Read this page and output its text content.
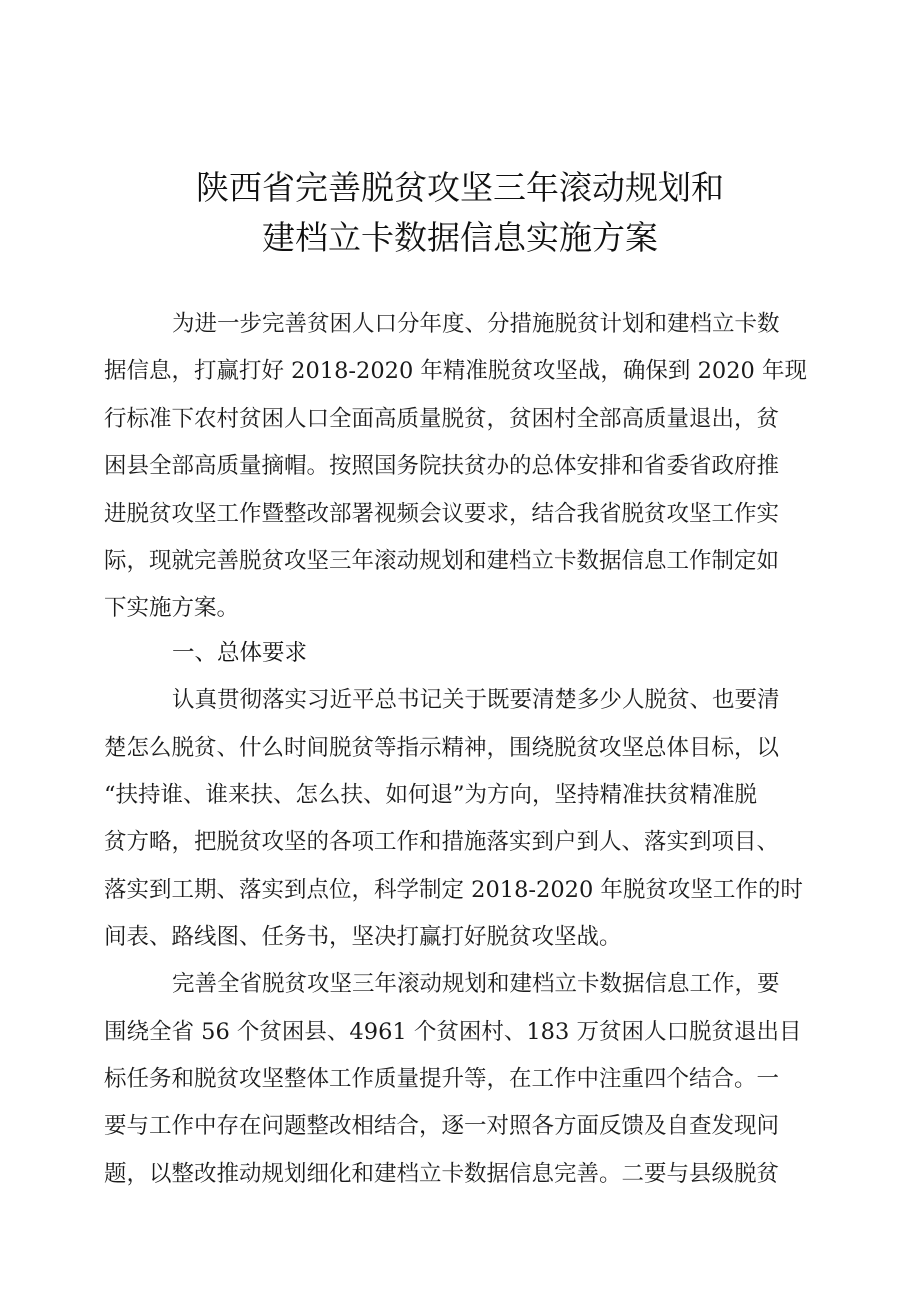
陕西省完善脱贫攻坚三年滚动规划和
建档立卡数据信息实施方案
为进一步完善贫困人口分年度、分措施脱贫计划和建档立卡数
据信息，打赢打好 2018-2020 年精准脱贫攻坚战，确保到 2020 年现
行标准下农村贫困人口全面高质量脱贫，贫困村全部高质量退出，贫
困县全部高质量摘帽。按照国务院扶贫办的总体安排和省委省政府推
进脱贫攻坚工作暨整改部署视频会议要求，结合我省脱贫攻坚工作实
际，现就完善脱贫攻坚三年滚动规划和建档立卡数据信息工作制定如
下实施方案。
一、总体要求
认真贯彻落实习近平总书记关于既要清楚多少人脱贫、也要清
楚怎么脱贫、什么时间脱贫等指示精神，围绕脱贫攻坚总体目标，以
“扶持谁、谁来扶、怎么扶、如何退”为方向，坚持精准扶贫精准脱
贫方略，把脱贫攻坚的各项工作和措施落实到户到人、落实到项目、
落实到工期、落实到点位，科学制定 2018-2020 年脱贫攻坚工作的时
间表、路线图、任务书，坚决打赢打好脱贫攻坚战。
完善全省脱贫攻坚三年滚动规划和建档立卡数据信息工作，要
围绕全省 56 个贫困县、4961 个贫困村、183 万贫困人口脱贫退出目
标任务和脱贫攻坚整体工作质量提升等，在工作中注重四个结合。一
要与工作中存在问题整改相结合，逐一对照各方面反馈及自查发现问
题，以整改推动规划细化和建档立卡数据信息完善。二要与县级脱贫
